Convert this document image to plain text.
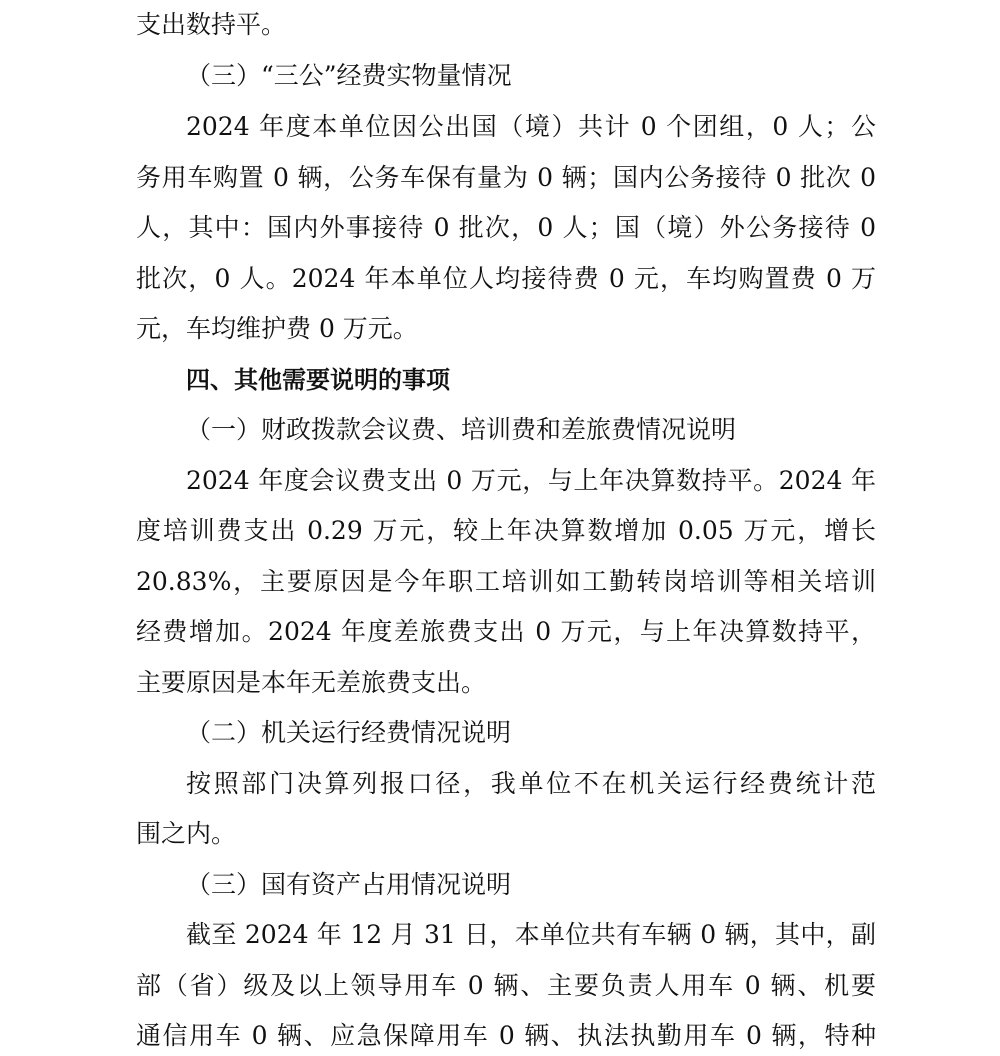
支出数持平。
（三）“三公”经费实物量情况
2024 年度本单位因公出国（境）共计 0 个团组，0 人；公
务用车购置 0 辆，公务车保有量为 0 辆；国内公务接待 0 批次 0
人，其中：国内外事接待 0 批次，0 人；国（境）外公务接待 0
批次，0 人。2024 年本单位人均接待费 0 元，车均购置费 0 万
元，车均维护费 0 万元。
四、其他需要说明的事项
（一）财政拨款会议费、培训费和差旅费情况说明
2024 年度会议费支出 0 万元，与上年决算数持平。2024 年
度培训费支出 0.29 万元，较上年决算数增加 0.05 万元，增长
20.83%，主要原因是今年职工培训如工勤转岗培训等相关培训
经费增加。2024 年度差旅费支出 0 万元，与上年决算数持平，
主要原因是本年无差旅费支出。
（二）机关运行经费情况说明
按照部门决算列报口径，我单位不在机关运行经费统计范
围之内。
（三）国有资产占用情况说明
截至 2024 年 12 月 31 日，本单位共有车辆 0 辆，其中，副
部（省）级及以上领导用车 0 辆、主要负责人用车 0 辆、机要
通信用车 0 辆、应急保障用车 0 辆、执法执勤用车 0 辆，特种
